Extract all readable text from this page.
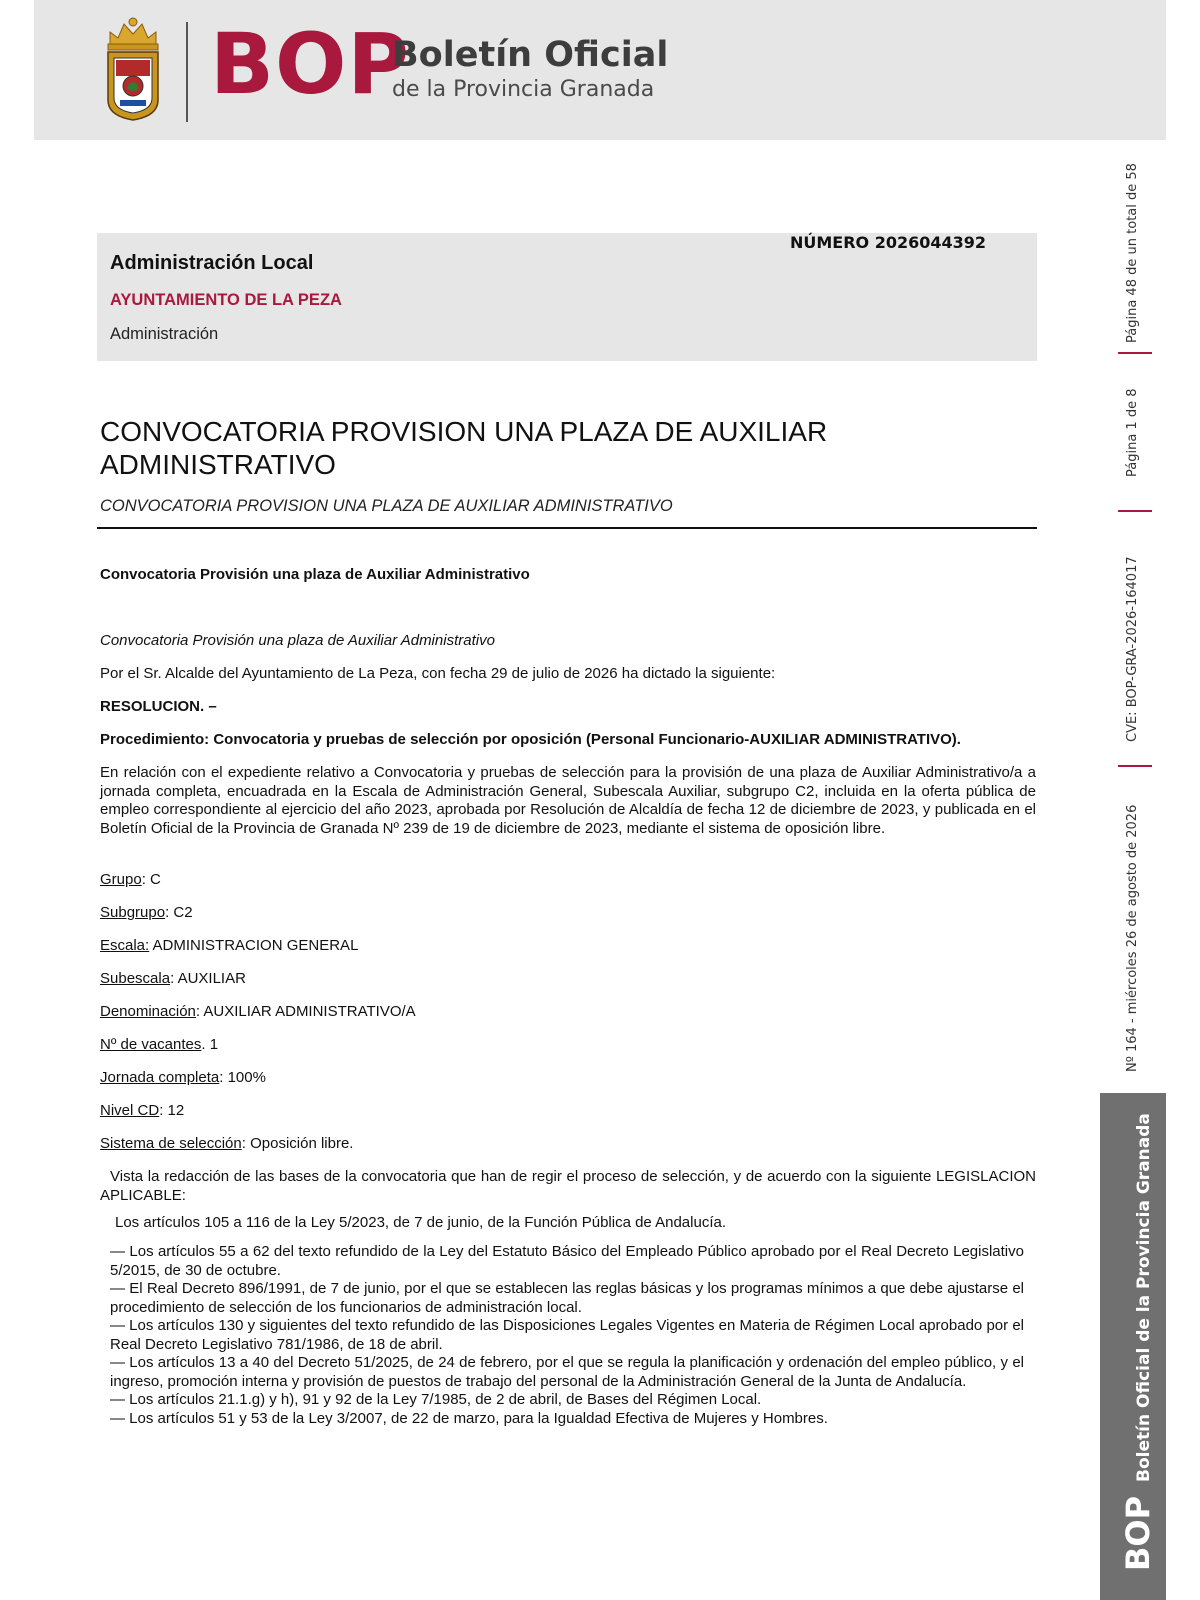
BOP
Boletín Oficial
de la Provincia Granada
Página 48 de un total de 58
Página 1 de 8
CVE: BOP-GRA-2026-164017
Nº 164 - miércoles 26 de agosto de 2026
BOPBoletín Oficial de la Provincia Granada
NÚMERO 2026044392
Administración Local
AYUNTAMIENTO DE LA PEZA
Administración
CONVOCATORIA PROVISION UNA PLAZA DE AUXILIAR ADMINISTRATIVO
CONVOCATORIA PROVISION UNA PLAZA DE AUXILIAR ADMINISTRATIVO
Convocatoria Provisión una plaza de Auxiliar Administrativo
Convocatoria Provisión una plaza de Auxiliar Administrativo
Por el Sr. Alcalde del Ayuntamiento de La Peza, con fecha 29 de julio de 2026 ha dictado la siguiente:
RESOLUCION. –
Procedimiento: Convocatoria y pruebas de selección por oposición (Personal Funcionario-AUXILIAR ADMINISTRATIVO).
En relación con el expediente relativo a Convocatoria y pruebas de selección para la provisión de una plaza de Auxiliar Administrativo/a a jornada completa, encuadrada en la Escala de Administración General, Subescala Auxiliar, subgrupo C2, incluida en la oferta pública de empleo correspondiente al ejercicio del año 2023, aprobada por Resolución de Alcaldía de fecha 12 de diciembre de 2023, y publicada en el Boletín Oficial de la Provincia de Granada Nº 239 de 19 de diciembre de 2023, mediante el sistema de oposición libre.
Grupo: C
Subgrupo: C2
Escala: ADMINISTRACION GENERAL
Subescala: AUXILIAR
Denominación: AUXILIAR ADMINISTRATIVO/A
Nº de vacantes. 1
Jornada completa: 100%
Nivel CD: 12
Sistema de selección: Oposición libre.
Vista la redacción de las bases de la convocatoria que han de regir el proceso de selección, y de acuerdo con la siguiente LEGISLACION APLICABLE:
Los artículos 105 a 116 de la Ley 5/2023, de 7 de junio, de la Función Pública de Andalucía.
— Los artículos 55 a 62 del texto refundido de la Ley del Estatuto Básico del Empleado Público aprobado por el Real Decreto Legislativo 5/2015, de 30 de octubre.
— El Real Decreto 896/1991, de 7 de junio, por el que se establecen las reglas básicas y los programas mínimos a que debe ajustarse el procedimiento de selección de los funcionarios de administración local.
— Los artículos 130 y siguientes del texto refundido de las Disposiciones Legales Vigentes en Materia de Régimen Local aprobado por el Real Decreto Legislativo 781/1986, de 18 de abril.
— Los artículos 13 a 40 del Decreto 51/2025, de 24 de febrero, por el que se regula la planificación y ordenación del empleo público, y el ingreso, promoción interna y provisión de puestos de trabajo del personal de la Administración General de la Junta de Andalucía.
— Los artículos 21.1.g) y h), 91 y 92 de la Ley 7/1985, de 2 de abril, de Bases del Régimen Local.
— Los artículos 51 y 53 de la Ley 3/2007, de 22 de marzo, para la Igualdad Efectiva de Mujeres y Hombres.
